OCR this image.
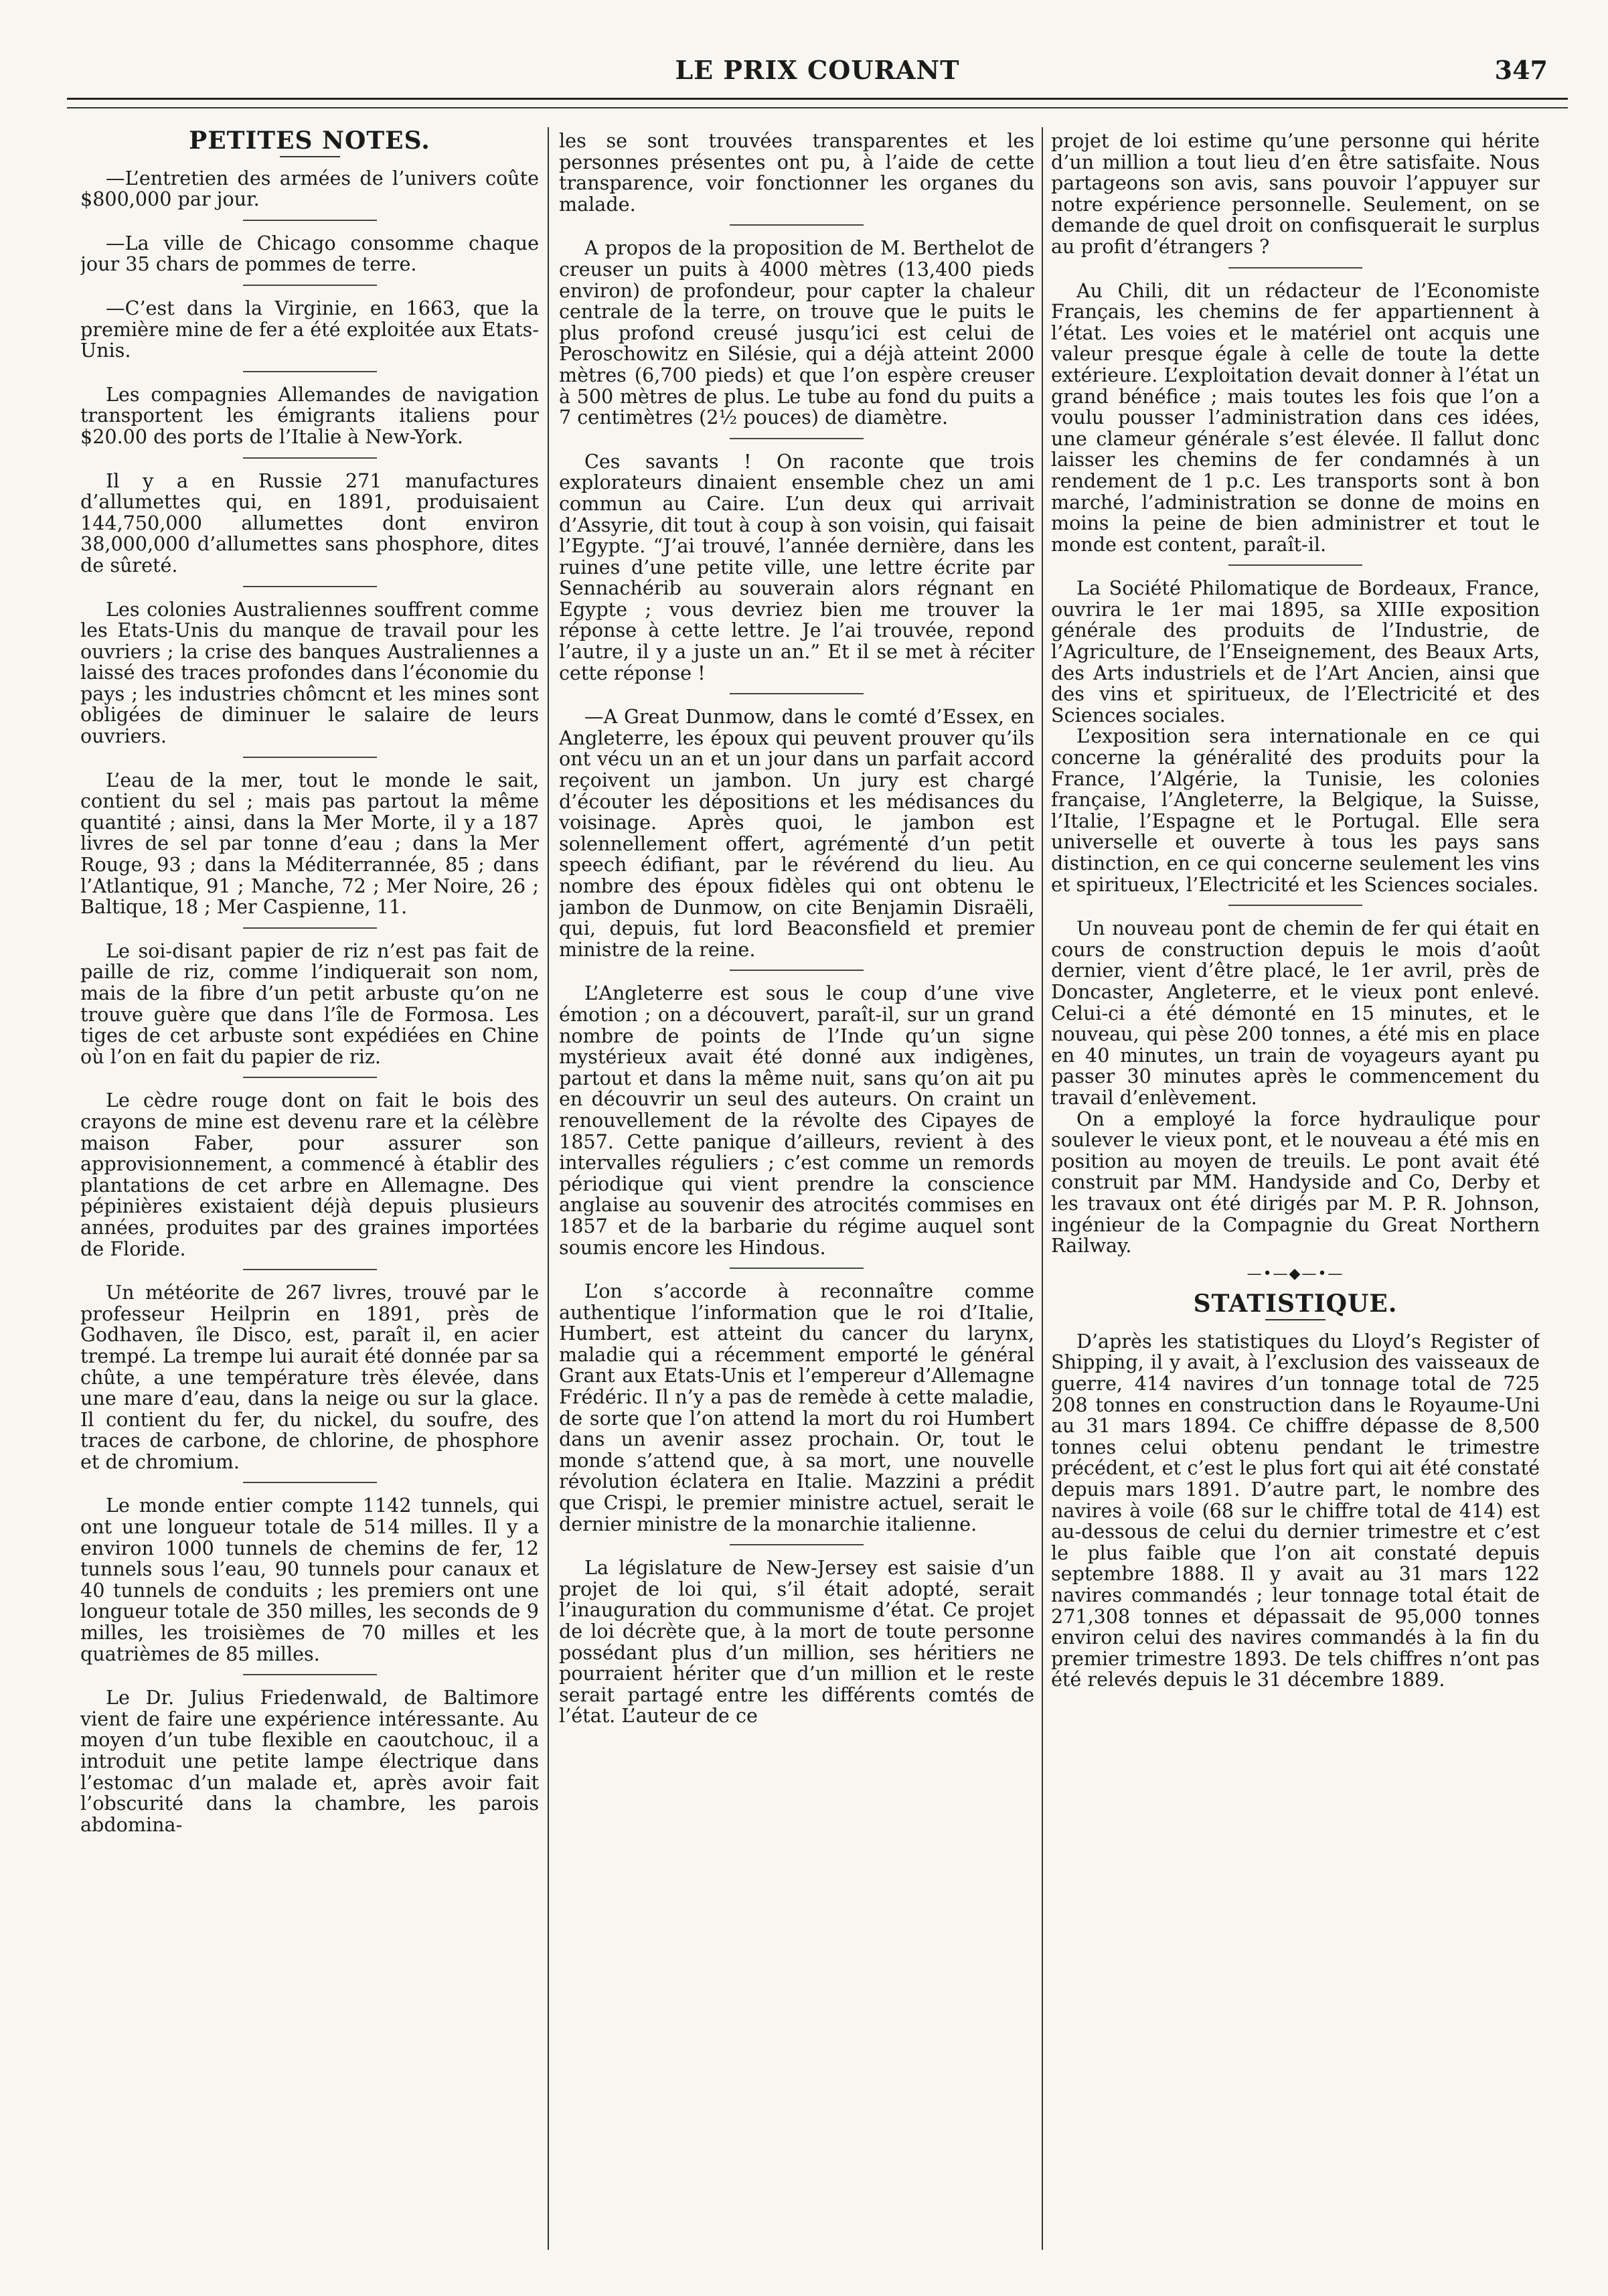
LE PRIX COURANT	347
PETITES NOTES.

—L’entretien des armées de l’univers coûte $800,000 par jour.

—La ville de Chicago consomme chaque jour 35 chars de pommes de terre.

—C’est dans la Virginie, en 1663, que la première mine de fer a été exploitée aux Etats-Unis.

Les compagnies Allemandes de navigation transportent les émigrants italiens pour $20.00 des ports de l’Italie à New-York.

Il y a en Russie 271 manufactures d’allumettes qui, en 1891, produisaient 144,750,000 allumettes dont environ 38,000,000 d’allumettes sans phosphore, dites de sûreté.

Les colonies Australiennes souffrent comme les Etats-Unis du manque de travail pour les ouvriers ; la crise des banques Australiennes a laissé des traces profondes dans l’économie du pays ; les industries chômcnt et les mines sont obligées de diminuer le salaire de leurs ouvriers.

L’eau de la mer, tout le monde le sait, contient du sel ; mais pas partout la même quantité ; ainsi, dans la Mer Morte, il y a 187 livres de sel par tonne d’eau ; dans la Mer Rouge, 93 ; dans la Méditerrannée, 85 ; dans l’Atlantique, 91 ; Manche, 72 ; Mer Noire, 26 ; Baltique, 18 ; Mer Caspienne, 11.

Le soi-disant papier de riz n’est pas fait de paille de riz, comme l’indiquerait son nom, mais de la fibre d’un petit arbuste qu’on ne trouve guère que dans l’île de Formosa. Les tiges de cet arbuste sont expédiées en Chine où l’on en fait du papier de riz.

Le cèdre rouge dont on fait le bois des crayons de mine est devenu rare et la célèbre maison Faber, pour assurer son approvisionnement, a commencé à établir des plantations de cet arbre en Allemagne. Des pépinières existaient déjà depuis plusieurs années, produites par des graines importées de Floride.

Un météorite de 267 livres, trouvé par le professeur Heilprin en 1891, près de Godhaven, île Disco, est, paraît il, en acier trempé. La trempe lui aurait été donnée par sa chûte, a une température très élevée, dans une mare d’eau, dans la neige ou sur la glace. Il contient du fer, du nickel, du soufre, des traces de carbone, de chlorine, de phosphore et de chromium.

Le monde entier compte 1142 tunnels, qui ont une longueur totale de 514 milles. Il y a environ 1000 tunnels de chemins de fer, 12 tunnels sous l’eau, 90 tunnels pour canaux et 40 tunnels de conduits ; les premiers ont une longueur totale de 350 milles, les seconds de 9 milles, les troisièmes de 70 milles et les quatrièmes de 85 milles.

Le Dr. Julius Friedenwald, de Baltimore vient de faire une expérience intéressante. Au moyen d’un tube flexible en caoutchouc, il a introduit une petite lampe électrique dans l’estomac d’un malade et, après avoir fait l’obscurité dans la chambre, les parois abdomina-

les se sont trouvées transparentes et les personnes présentes ont pu, à l’aide de cette transparence, voir fonctionner les organes du malade.

A propos de la proposition de M. Berthelot de creuser un puits à 4000 mètres (13,400 pieds environ) de profondeur, pour capter la chaleur centrale de la terre, on trouve que le puits le plus profond creusé jusqu’ici est celui de Peroschowitz en Silésie, qui a déjà atteint 2000 mètres (6,700 pieds) et que l’on espère creuser à 500 mètres de plus. Le tube au fond du puits a 7 centimètres (2½ pouces) de diamètre.

Ces savants ! On raconte que trois explorateurs dinaient ensemble chez un ami commun au Caire. L’un deux qui arrivait d’Assyrie, dit tout à coup à son voisin, qui faisait l’Egypte. “J’ai trouvé, l’année dernière, dans les ruines d’une petite ville, une lettre écrite par Sennachérib au souverain alors régnant en Egypte ; vous devriez bien me trouver la réponse à cette lettre. Je l’ai trouvée, repond l’autre, il y a juste un an.” Et il se met à réciter cette réponse !

—A Great Dunmow, dans le comté d’Essex, en Angleterre, les époux qui peuvent prouver qu’ils ont vécu un an et un jour dans un parfait accord reçoivent un jambon. Un jury est chargé d’écouter les dépositions et les médisances du voisinage. Après quoi, le jambon est solennellement offert, agrémenté d’un petit speech édifiant, par le révérend du lieu. Au nombre des époux fidèles qui ont obtenu le jambon de Dunmow, on cite Benjamin Disraëli, qui, depuis, fut lord Beaconsfield et premier ministre de la reine.

L’Angleterre est sous le coup d’une vive émotion ; on a découvert, paraît-il, sur un grand nombre de points de l’Inde qu’un signe mystérieux avait été donné aux indigènes, partout et dans la même nuit, sans qu’on ait pu en découvrir un seul des auteurs. On craint un renouvellement de la révolte des Cipayes de 1857. Cette panique d’ailleurs, revient à des intervalles réguliers ; c’est comme un remords périodique qui vient prendre la conscience anglaise au souvenir des atrocités commises en 1857 et de la barbarie du régime auquel sont soumis encore les Hindous.

L’on s’accorde à reconnaître comme authentique l’information que le roi d’Italie, Humbert, est atteint du cancer du larynx, maladie qui a récemment emporté le général Grant aux Etats-Unis et l’empereur d’Allemagne Frédéric. Il n’y a pas de remède à cette maladie, de sorte que l’on attend la mort du roi Humbert dans un avenir assez prochain. Or, tout le monde s’attend que, à sa mort, une nouvelle révolution éclatera en Italie. Mazzini a prédit que Crispi, le premier ministre actuel, serait le dernier ministre de la monarchie italienne.

La législature de New-Jersey est saisie d’un projet de loi qui, s’il était adopté, serait l’inauguration du communisme d’état. Ce projet de loi décrète que, à la mort de toute personne possédant plus d’un million, ses héritiers ne pourraient hériter que d’un million et le reste serait partagé entre les différents comtés de l’état. L’auteur de ce

projet de loi estime qu’une personne qui hérite d’un million a tout lieu d’en être satisfaite. Nous partageons son avis, sans pouvoir l’appuyer sur notre expérience personnelle. Seulement, on se demande de quel droit on confisquerait le surplus au profit d’étrangers ?

Au Chili, dit un rédacteur de l’Economiste Français, les chemins de fer appartiennent à l’état. Les voies et le matériel ont acquis une valeur presque égale à celle de toute la dette extérieure. L’exploitation devait donner à l’état un grand bénéfice ; mais toutes les fois que l’on a voulu pousser l’administration dans ces idées, une clameur générale s’est élevée. Il fallut donc laisser les chemins de fer condamnés à un rendement de 1 p.c. Les transports sont à bon marché, l’administration se donne de moins en moins la peine de bien administrer et tout le monde est content, paraît-il.

La Société Philomatique de Bordeaux, France, ouvrira le 1er mai 1895, sa XIIIe exposition générale des produits de l’Industrie, de l’Agriculture, de l’Enseignement, des Beaux Arts, des Arts industriels et de l’Art Ancien, ainsi que des vins et spiritueux, de l’Electricité et des Sciences sociales.

L’exposition sera internationale en ce qui concerne la généralité des produits pour la France, l’Algérie, la Tunisie, les colonies française, l’Angleterre, la Belgique, la Suisse, l’Italie, l’Espagne et le Portugal. Elle sera universelle et ouverte à tous les pays sans distinction, en ce qui concerne seulement les vins et spiritueux, l’Electricité et les Sciences sociales.

Un nouveau pont de chemin de fer qui était en cours de construction depuis le mois d’août dernier, vient d’être placé, le 1er avril, près de Doncaster, Angleterre, et le vieux pont enlevé. Celui-ci a été démonté en 15 minutes, et le nouveau, qui pèse 200 tonnes, a été mis en place en 40 minutes, un train de voyageurs ayant pu passer 30 minutes après le commencement du travail d’enlèvement.

On a employé la force hydraulique pour soulever le vieux pont, et le nouveau a été mis en position au moyen de treuils. Le pont avait été construit par MM. Handyside and Co, Derby et les travaux ont été dirigés par M. P. R. Johnson, ingénieur de la Compagnie du Great Northern Railway.

—•—◆—•—
STATISTIQUE.

D’après les statistiques du Lloyd’s Register of Shipping, il y avait, à l’exclusion des vaisseaux de guerre, 414 navires d’un tonnage total de 725 208 tonnes en construction dans le Royaume-Uni au 31 mars 1894. Ce chiffre dépasse de 8,500 tonnes celui obtenu pendant le trimestre précédent, et c’est le plus fort qui ait été constaté depuis mars 1891. D’autre part, le nombre des navires à voile (68 sur le chiffre total de 414) est au-dessous de celui du dernier trimestre et c’est le plus faible que l’on ait constaté depuis septembre 1888. Il y avait au 31 mars 122 navires commandés ; leur tonnage total était de 271,308 tonnes et dépassait de 95,000 tonnes environ celui des navires commandés à la fin du premier trimestre 1893. De tels chiffres n’ont pas été relevés depuis le 31 décembre 1889.
